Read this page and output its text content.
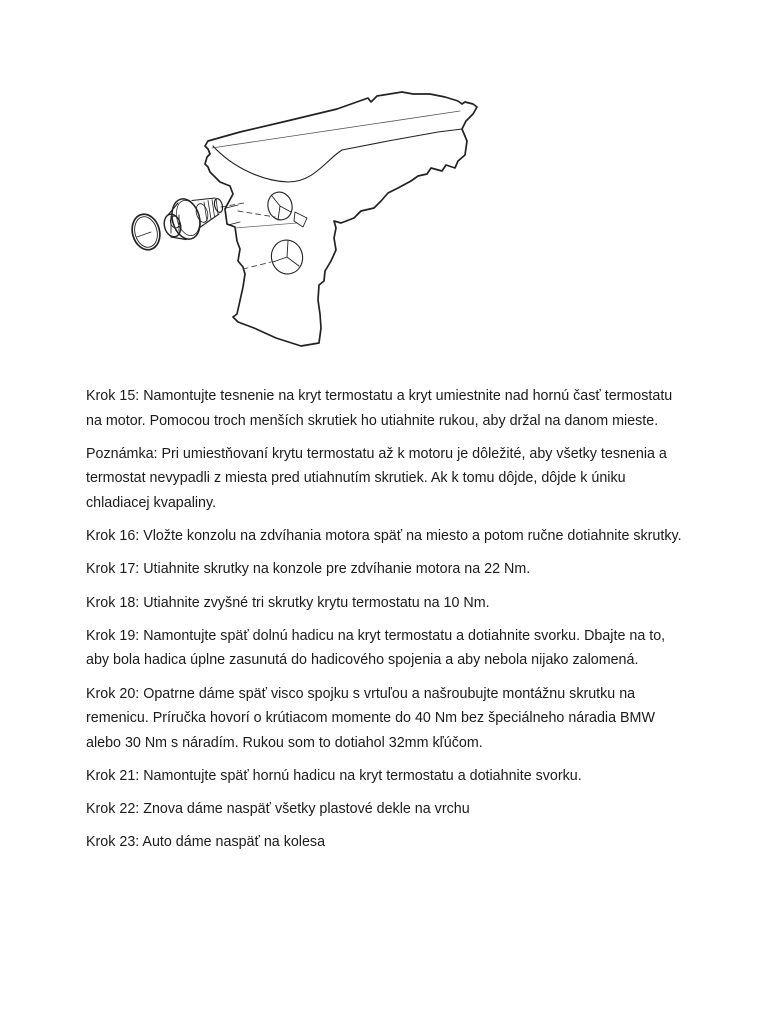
Krok 15: Namontujte tesnenie na kryt termostatu a kryt umiestnite nad hornú časť termostatu na motor. Pomocou troch menších skrutiek ho utiahnite rukou, aby držal na danom mieste.

Poznámka: Pri umiestňovaní krytu termostatu až k motoru je dôležité, aby všetky tesnenia a termostat nevypadli z miesta pred utiahnutím skrutiek. Ak k tomu dôjde, dôjde k úniku chladiacej kvapaliny.

Krok 16: Vložte konzolu na zdvíhania motora späť na miesto a potom ručne dotiahnite skrutky.

Krok 17: Utiahnite skrutky na konzole pre zdvíhanie motora na 22 Nm.

Krok 18: Utiahnite zvyšné tri skrutky krytu termostatu na 10 Nm.

Krok 19: Namontujte späť dolnú hadicu na kryt termostatu a dotiahnite svorku. Dbajte na to, aby bola hadica úplne zasunutá do hadicového spojenia a aby nebola nijako zalomená.

Krok 20: Opatrne dáme späť visco spojku s vrtuľou a našroubujte montážnu skrutku na remenicu. Príručka hovorí o krútiacom momente do 40 Nm bez špeciálneho náradia BMW alebo 30 Nm s náradím. Rukou som to dotiahol 32mm kľúčom.

Krok 21: Namontujte späť hornú hadicu na kryt termostatu a dotiahnite svorku.

Krok 22: Znova dáme naspäť všetky plastové dekle na vrchu

Krok 23: Auto dáme naspäť na kolesa
